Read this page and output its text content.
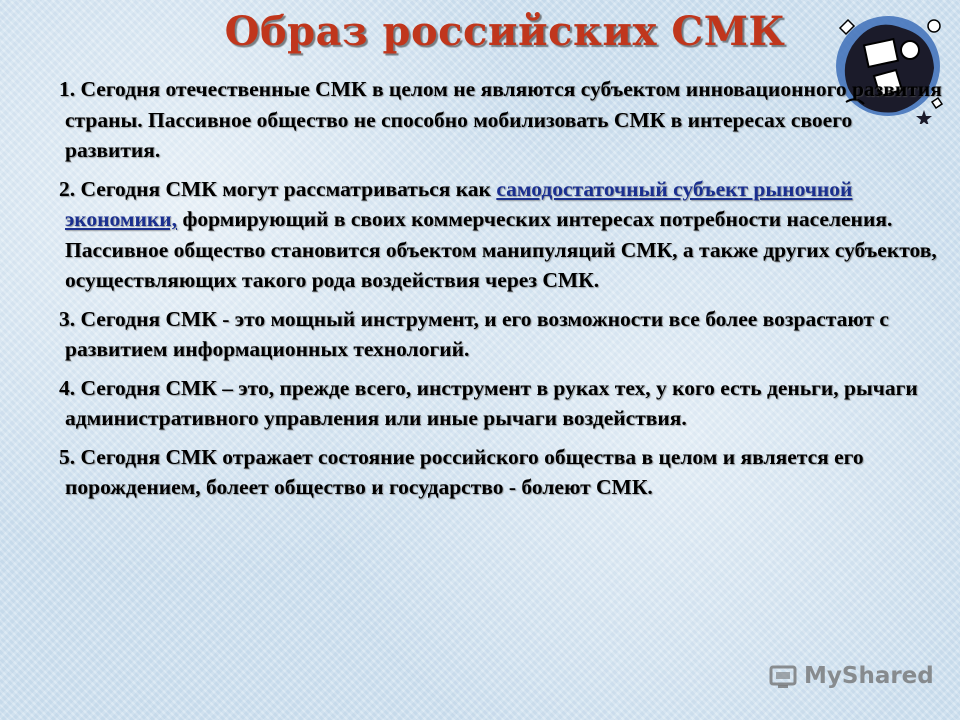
Образ российских СМК

1. Сегодня отечественные СМК в целом не являются субъектом инновационного развития страны. Пассивное общество не способно мобилизовать СМК в интересах своего развития.

2. Сегодня СМК могут рассматриваться как самодостаточный субъект рыночной экономики, формирующий в своих коммерческих интересах потребности населения. Пассивное общество становится объектом манипуляций СМК, а также других субъектов, осуществляющих такого рода воздействия через СМК.

3. Сегодня СМК - это мощный инструмент, и его возможности все более возрастают с развитием информационных технологий.

4. Сегодня СМК – это, прежде всего, инструмент в руках тех, у кого есть деньги, рычаги административного управления или иные рычаги воздействия.

5. Сегодня СМК отражает состояние российского общества в целом и является его порождением, болеет общество и государство - болеют СМК.

MyShared
